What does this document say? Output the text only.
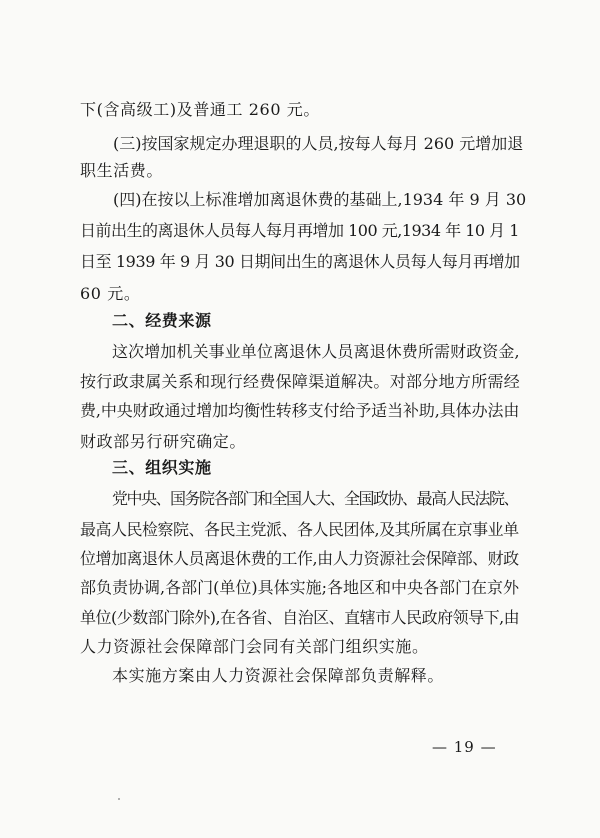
下(含高级工)及普通工 260 元。
(三)按国家规定办理退职的人员,按每人每月 260 元增加退
职生活费。
(四)在按以上标准增加离退休费的基础上,1934 年 9 月 30
日前出生的离退休人员每人每月再增加 100 元,1934 年 10 月 1
日至 1939 年 9 月 30 日期间出生的离退休人员每人每月再增加
60 元。
二、经费来源
这次增加机关事业单位离退休人员离退休费所需财政资金,
按行政隶属关系和现行经费保障渠道解决。对部分地方所需经
费,中央财政通过增加均衡性转移支付给予适当补助,具体办法由
财政部另行研究确定。
三、组织实施
党中央、国务院各部门和全国人大、全国政协、最高人民法院、
最高人民检察院、各民主党派、各人民团体,及其所属在京事业单
位增加离退休人员离退休费的工作,由人力资源社会保障部、财政
部负责协调,各部门(单位)具体实施;各地区和中央各部门在京外
单位(少数部门除外),在各省、自治区、直辖市人民政府领导下,由
人力资源社会保障部门会同有关部门组织实施。
本实施方案由人力资源社会保障部负责解释。
— 19 —
